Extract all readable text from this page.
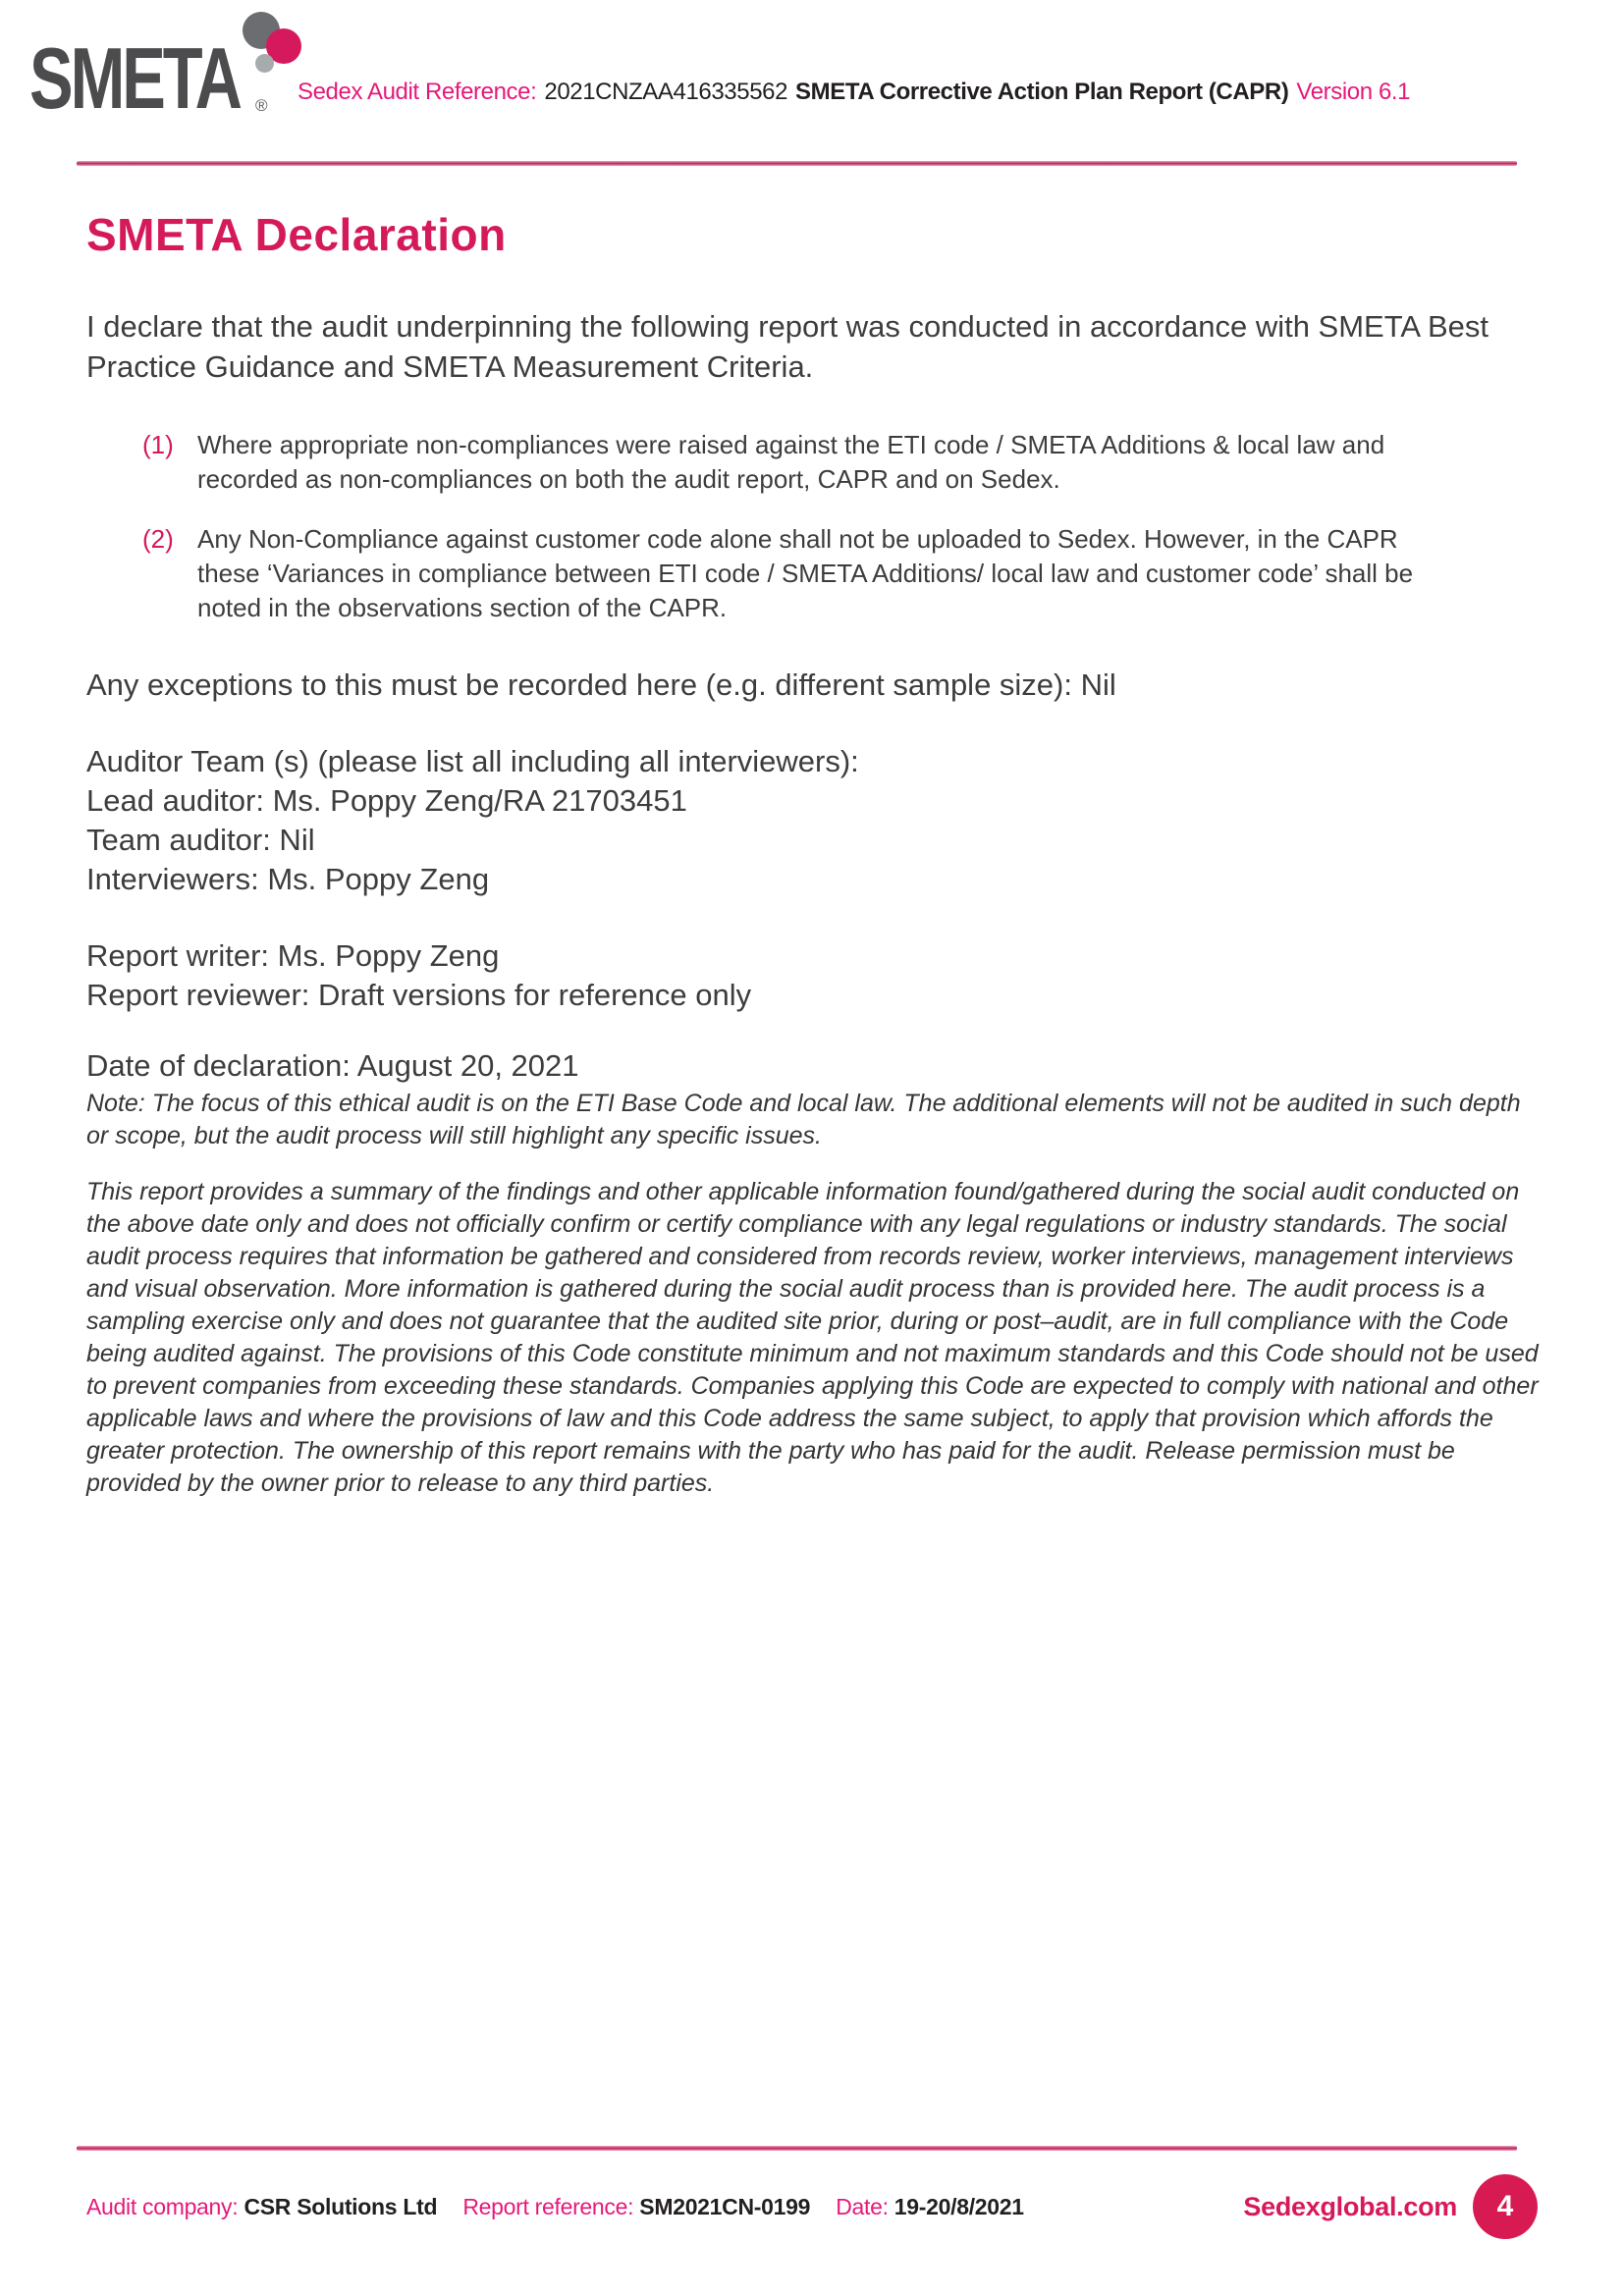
SMETA ®
Sedex Audit Reference: 2021CNZAA416335562 SMETA Corrective Action Plan Report (CAPR) Version 6.1
SMETA Declaration

I declare that the audit underpinning the following report was conducted in accordance with SMETA Best Practice Guidance and SMETA Measurement Criteria.

(1) Where appropriate non-compliances were raised against the ETI code / SMETA Additions & local law and recorded as non-compliances on both the audit report, CAPR and on Sedex.
(2) Any Non-Compliance against customer code alone shall not be uploaded to Sedex. However, in the CAPR these ‘Variances in compliance between ETI code / SMETA Additions/ local law and customer code’ shall be noted in the observations section of the CAPR.

Any exceptions to this must be recorded here (e.g. different sample size): Nil

Auditor Team (s) (please list all including all interviewers):

Lead auditor: Ms. Poppy Zeng/RA 21703451

Team auditor: Nil

Interviewers: Ms. Poppy Zeng

Report writer: Ms. Poppy Zeng

Report reviewer: Draft versions for reference only

Date of declaration: August 20, 2021

Note: The focus of this ethical audit is on the ETI Base Code and local law. The additional elements will not be audited in such depth or scope, but the audit process will still highlight any specific issues.

This report provides a summary of the findings and other applicable information found/gathered during the social audit conducted on the above date only and does not officially confirm or certify compliance with any legal regulations or industry standards. The social audit process requires that information be gathered and considered from records review, worker interviews, management interviews and visual observation. More information is gathered during the social audit process than is provided here. The audit process is a sampling exercise only and does not guarantee that the audited site prior, during or post–audit, are in full compliance with the Code being audited against. The provisions of this Code constitute minimum and not maximum standards and this Code should not be used to prevent companies from exceeding these standards. Companies applying this Code are expected to comply with national and other applicable laws and where the provisions of law and this Code address the same subject, to apply that provision which affords the greater protection. The ownership of this report remains with the party who has paid for the audit. Release permission must be provided by the owner prior to release to any third parties.

Audit company: CSR Solutions Ltd Report reference: SM2021CN-0199 Date: 19-20/8/2021	Sedexglobal.com	4
